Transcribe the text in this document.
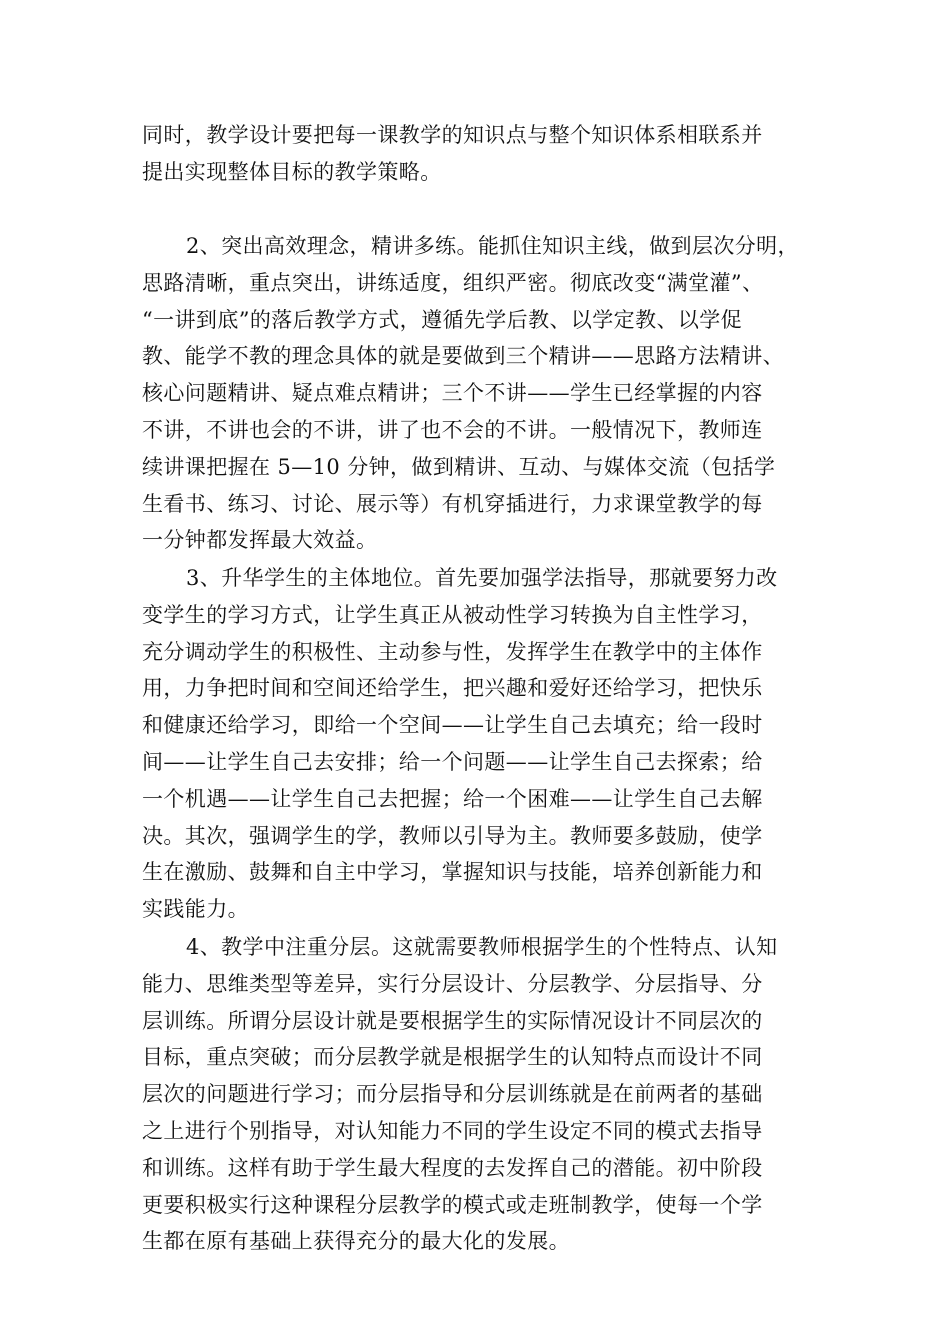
同时，教学设计要把每一课教学的知识点与整个知识体系相联系并
提出实现整体目标的教学策略。
2、突出高效理念，精讲多练。能抓住知识主线，做到层次分明，
思路清晰，重点突出，讲练适度，组织严密。彻底改变“满堂灌”、
“一讲到底”的落后教学方式，遵循先学后教、以学定教、以学促
教、能学不教的理念具体的就是要做到三个精讲——思路方法精讲、
核心问题精讲、疑点难点精讲；三个不讲——学生已经掌握的内容
不讲，不讲也会的不讲，讲了也不会的不讲。一般情况下，教师连
续讲课把握在 5—10 分钟，做到精讲、互动、与媒体交流（包括学
生看书、练习、讨论、展示等）有机穿插进行，力求课堂教学的每
一分钟都发挥最大效益。
3、升华学生的主体地位。首先要加强学法指导，那就要努力改
变学生的学习方式，让学生真正从被动性学习转换为自主性学习，
充分调动学生的积极性、主动参与性，发挥学生在教学中的主体作
用，力争把时间和空间还给学生，把兴趣和爱好还给学习，把快乐
和健康还给学习，即给一个空间——让学生自己去填充；给一段时
间——让学生自己去安排；给一个问题——让学生自己去探索；给
一个机遇——让学生自己去把握；给一个困难——让学生自己去解
决。其次，强调学生的学，教师以引导为主。教师要多鼓励，使学
生在激励、鼓舞和自主中学习，掌握知识与技能，培养创新能力和
实践能力。
4、教学中注重分层。这就需要教师根据学生的个性特点、认知
能力、思维类型等差异，实行分层设计、分层教学、分层指导、分
层训练。所谓分层设计就是要根据学生的实际情况设计不同层次的
目标，重点突破；而分层教学就是根据学生的认知特点而设计不同
层次的问题进行学习；而分层指导和分层训练就是在前两者的基础
之上进行个别指导，对认知能力不同的学生设定不同的模式去指导
和训练。这样有助于学生最大程度的去发挥自己的潜能。初中阶段
更要积极实行这种课程分层教学的模式或走班制教学，使每一个学
生都在原有基础上获得充分的最大化的发展。
